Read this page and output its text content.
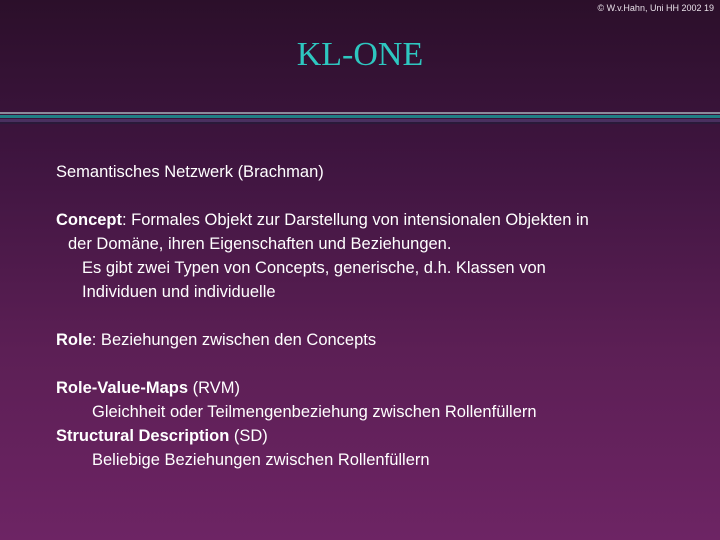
© W.v.Hahn, Uni HH 2002 19
KL-ONE
Semantisches Netzwerk (Brachman)
Concept: Formales Objekt zur Darstellung von intensionalen Objekten in
der Domäne, ihren Eigenschaften und Beziehungen.
Es gibt zwei Typen von Concepts, generische, d.h. Klassen von
Individuen und individuelle
Role: Beziehungen zwischen den Concepts
Role-Value-Maps (RVM)
Gleichheit oder Teilmengenbeziehung zwischen Rollenfüllern
Structural Description (SD)
Beliebige Beziehungen zwischen Rollenfüllern
